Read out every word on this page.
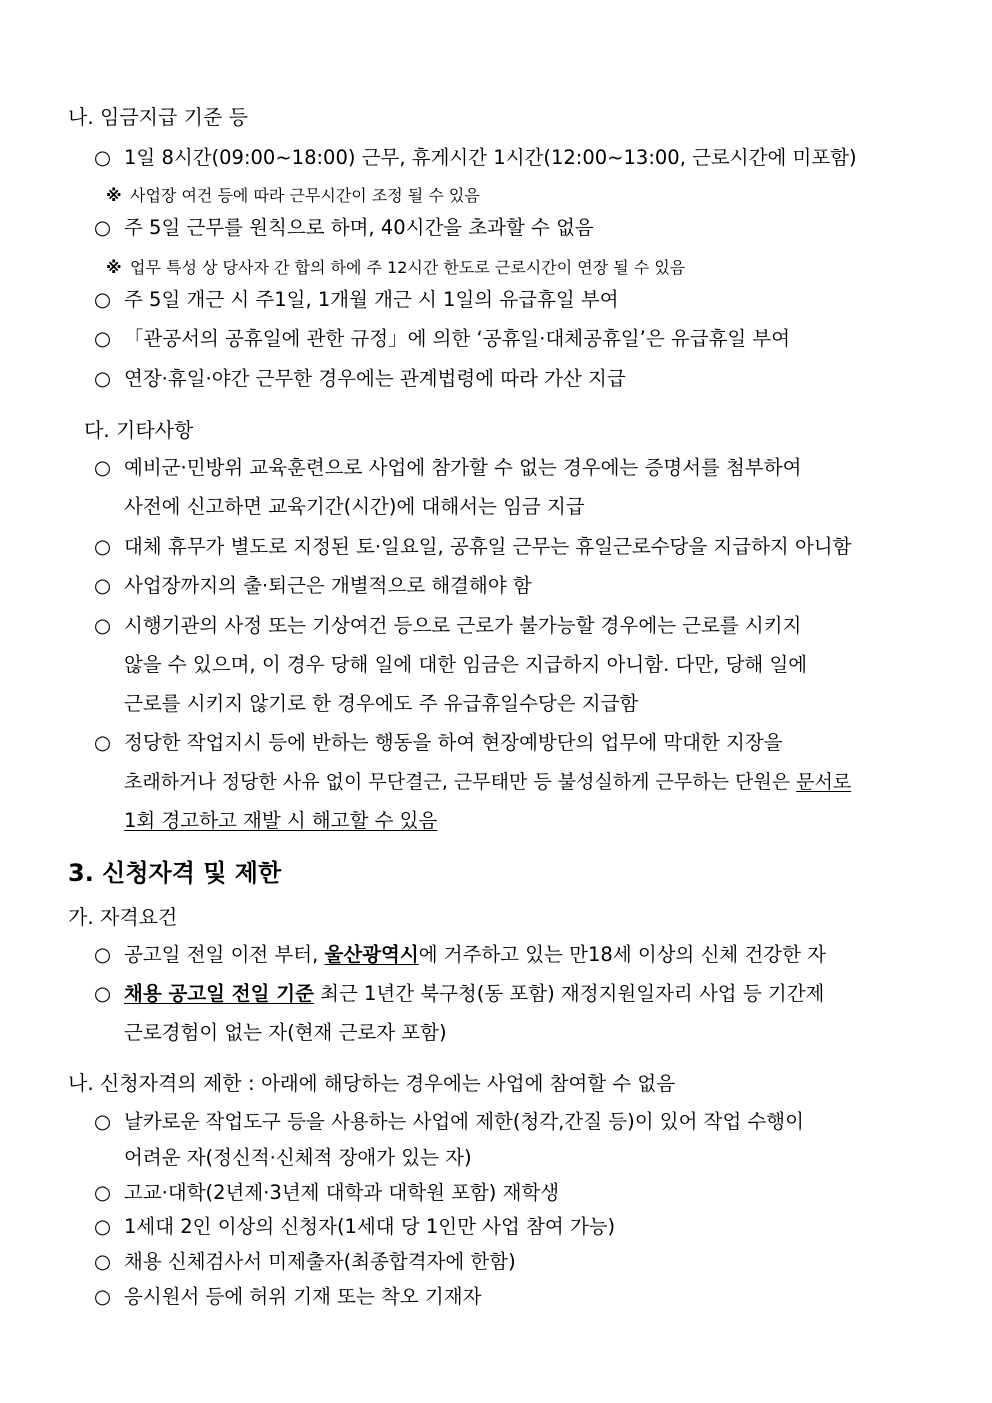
나. 임금지급 기준 등
○ 1일 8시간(09:00~18:00) 근무, 휴게시간 1시간(12:00~13:00, 근로시간에 미포함)
※ 사업장 여건 등에 따라 근무시간이 조정 될 수 있음
○ 주 5일 근무를 원칙으로 하며, 40시간을 초과할 수 없음
※ 업무 특성 상 당사자 간 합의 하에 주 12시간 한도로 근로시간이 연장 될 수 있음
○ 주 5일 개근 시 주1일, 1개월 개근 시 1일의 유급휴일 부여
○ 「관공서의 공휴일에 관한 규정」에 의한 ‘공휴일·대체공휴일’은 유급휴일 부여
○ 연장·휴일·야간 근무한 경우에는 관계법령에 따라 가산 지급
다. 기타사항
○ 예비군·민방위 교육훈련으로 사업에 참가할 수 없는 경우에는 증명서를 첨부하여
사전에 신고하면 교육기간(시간)에 대해서는 임금 지급
○ 대체 휴무가 별도로 지정된 토·일요일, 공휴일 근무는 휴일근로수당을 지급하지 아니함
○ 사업장까지의 출·퇴근은 개별적으로 해결해야 함
○ 시행기관의 사정 또는 기상여건 등으로 근로가 불가능할 경우에는 근로를 시키지
않을 수 있으며, 이 경우 당해 일에 대한 임금은 지급하지 아니함. 다만, 당해 일에
근로를 시키지 않기로 한 경우에도 주 유급휴일수당은 지급함
○ 정당한 작업지시 등에 반하는 행동을 하여 현장예방단의 업무에 막대한 지장을
초래하거나 정당한 사유 없이 무단결근, 근무태만 등 불성실하게 근무하는 단원은 문서로
1회 경고하고 재발 시 해고할 수 있음
3. 신청자격 및 제한
가. 자격요건
○ 공고일 전일 이전 부터, 울산광역시에 거주하고 있는 만18세 이상의 신체 건강한 자
○ 채용 공고일 전일 기준 최근 1년간 북구청(동 포함) 재정지원일자리 사업 등 기간제
근로경험이 없는 자(현재 근로자 포함)
나. 신청자격의 제한 : 아래에 해당하는 경우에는 사업에 참여할 수 없음
○ 날카로운 작업도구 등을 사용하는 사업에 제한(청각,간질 등)이 있어 작업 수행이
어려운 자(정신적·신체적 장애가 있는 자)
○ 고교·대학(2년제·3년제 대학과 대학원 포함) 재학생
○ 1세대 2인 이상의 신청자(1세대 당 1인만 사업 참여 가능)
○ 채용 신체검사서 미제출자(최종합격자에 한함)
○ 응시원서 등에 허위 기재 또는 착오 기재자
